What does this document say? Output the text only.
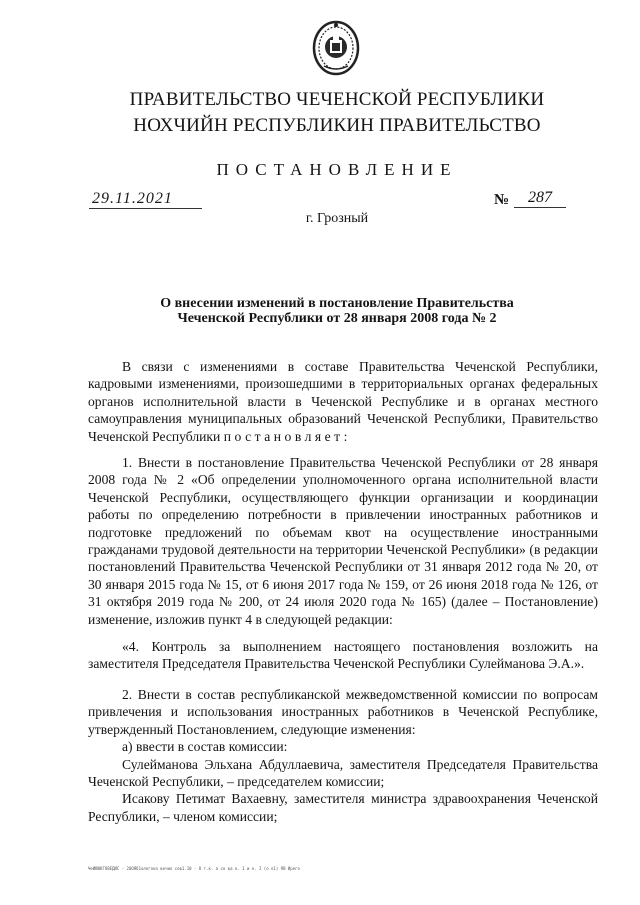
ПРАВИТЕЛЬСТВО ЧЕЧЕНСКОЙ РЕСПУБЛИКИ
НОХЧИЙН РЕСПУБЛИКИН ПРАВИТЕЛЬСТВО
ПОСТАНОВЛЕНИЕ
29.11.2021	№	287
г. Грозный
О внесении изменений в постановление Правительства
Чеченской Республики от 28 января 2008 года № 2

В связи с изменениями в составе Правительства Чеченской Республики, кадровыми изменениями, произошедшими в территориальных органах федеральных органов исполнительной власти в Чеченской Республике и в органах местного самоуправления муниципальных образований Чеченской Республики, Правительство Чеченской Республики постановляет:

1. Внести в постановление Правительства Чеченской Республики от 28 января 2008 года № 2 «Об определении уполномоченного органа исполнительной власти Чеченской Республики, осуществляющего функции организации и координации работы по определению потребности в привлечении иностранных работников и подготовке предложений по объемам квот на осуществление иностранными гражданами трудовой деятельности на территории Чеченской Республики» (в редакции постановлений Правительства Чеченской Республики от 31 января 2012 года № 20, от 30 января 2015 года № 15, от 6 июня 2017 года № 159, от 26 июня 2018 года № 126, от 31 октября 2019 года № 200, от 24 июля 2020 года № 165) (далее – Постановление) изменение, изложив пункт 4 в следующей редакции:

«4. Контроль за выполнением настоящего постановления возложить на заместителя Председателя Правительства Чеченской Республики Сулейманова Э.А.».

2. Внести в состав республиканской межведомственной комиссии по вопросам привлечения и использования иностранных работников в Чеченской Республике, утвержденный Постановлением, следующие изменения:

а) ввести в состав комиссии:

Сулейманова Эльхана Абдуллаевича, заместителя Председателя Правительства Чеченской Республики, – председателем комиссии;

Исакову Петимат Вахаевну, заместителя министра здравоохранения Чеченской Республики, – членом комиссии;

ЧеИЮ0КГО8ЕДИС - 20ОЯб1ологона вечио сов1.10 - О т.к. а со ва о. 1 и о. 2 (о о1) 9В Ирего
